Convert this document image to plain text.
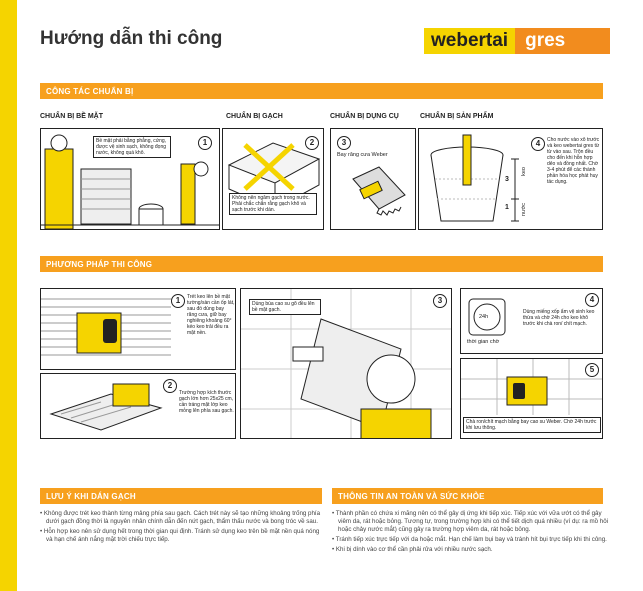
Hướng dẫn thi công	webertai gres
CÔNG TÁC CHUẨN BỊ
CHUẨN BỊ BỀ MẶT	CHUẨN BỊ GẠCH	CHUẨN BỊ DỤNG CỤ	CHUẨN BỊ SẢN PHẨM
Bề mặt phải bằng phẳng, cứng, được vệ sinh sạch, không đọng nước, không quá khô.
1	2
Không nên ngâm gạch trong nước. Phải chắc chắn rằng gạch khô và sạch trước khi dán.
3
Bay răng cưa Weber
keo
nước
3
1
4	Cho nước vào xô trước và keo webertai gres từ từ vào sau. Trộn đều cho đến khi hỗn hợp dẻo và đồng nhất. Chờ 3-4 phút để các thành phần hóa học phát huy tác dụng.
PHƯƠNG PHÁP THI CÔNG
1	Trét keo lên bề mặt tường/sàn cần ốp lát, sau đó dùng bay răng cưa, giữ bay nghiêng khoảng 60° kéo keo trải đều ra mặt nền.
2
Trường hợp kích thước gạch lớn hơn 25x25 cm, cần tráng mặt lớp keo mỏng lên phía sau gạch.
3
Dùng búa cao su gõ đều lên bề mặt gạch.
24h
thời gian chờ
4
Dùng miếng xốp ẩm vệ sinh keo thừa và chờ 24h cho keo khô trước khi chà ron/ chít mạch.
5
Chà ron/chít mạch bằng bay cao su Weber. Chờ 24h trước khi lưu thông.
LƯU Ý KHI DÁN GẠCH

• Không được trét keo thành từng mảng phía sau gạch. Cách trét này sẽ tạo những khoảng trống phía dưới gạch đồng thời là nguyên nhân chính dẫn đến nứt gạch, thẩm thấu nước và bong tróc về sau.

• Hỗn hợp keo nên sử dụng hết trong thời gian qui định. Tránh sử dụng keo trên bề mặt nền quá nóng và hạn chế ánh nắng mặt trời chiếu trực tiếp.

THÔNG TIN AN TOÀN VÀ SỨC KHỎE

• Thành phần có chứa xi măng nên có thể gây dị ứng khi tiếp xúc. Tiếp xúc với vữa ướt có thể gây viêm da, rát hoặc bỏng. Tương tự, trong trường hợp khi có thể tiết dịch quá nhiều (ví dụ: ra mồ hôi hoặc chảy nước mắt) cũng gây ra trường hợp viêm da, rát hoặc bỏng.

• Tránh tiếp xúc trực tiếp với da hoặc mắt. Hạn chế làm bụi bay và tránh hít bụi trực tiếp khi thi công.

• Khi bị dính vào cơ thể cần phải rửa với nhiều nước sạch.
